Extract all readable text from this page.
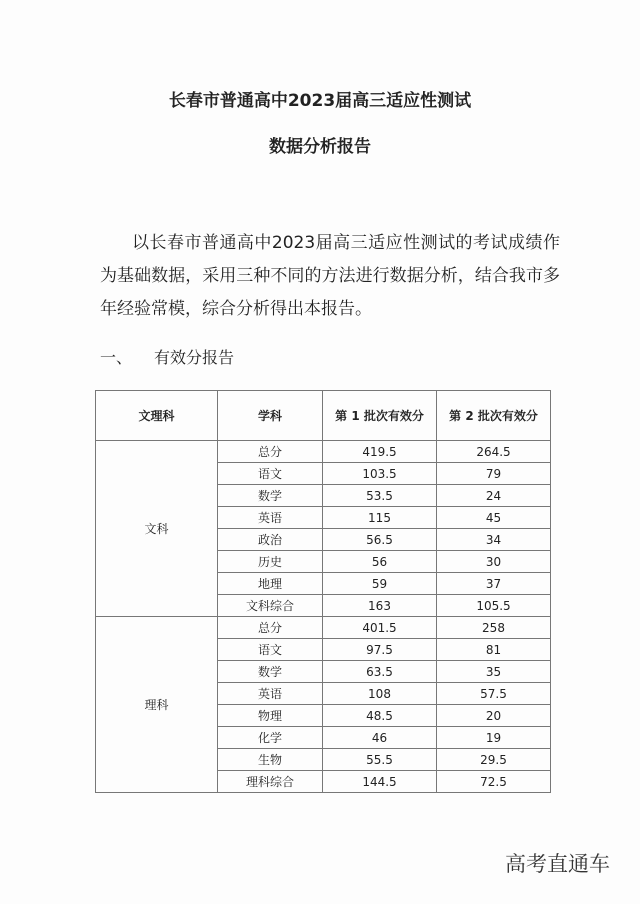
长春市普通高中2023届高三适应性测试
数据分析报告
以长春市普通高中2023届高三适应性测试的考试成绩作为基础数据，采用三种不同的方法进行数据分析，结合我市多年经验常模，综合分析得出本报告。
一、 有效分报告
文理科	学科	第 1 批次有效分	第 2 批次有效分
文科	总分	419.5	264.5
	语文	103.5	79
	数学	53.5	24
	英语	115	45
	政治	56.5	34
	历史	56	30
	地理	59	37
	文科综合	163	105.5
理科	总分	401.5	258
	语文	97.5	81
	数学	63.5	35
	英语	108	57.5
	物理	48.5	20
	化学	46	19
	生物	55.5	29.5
	理科综合	144.5	72.5
高考直通车
